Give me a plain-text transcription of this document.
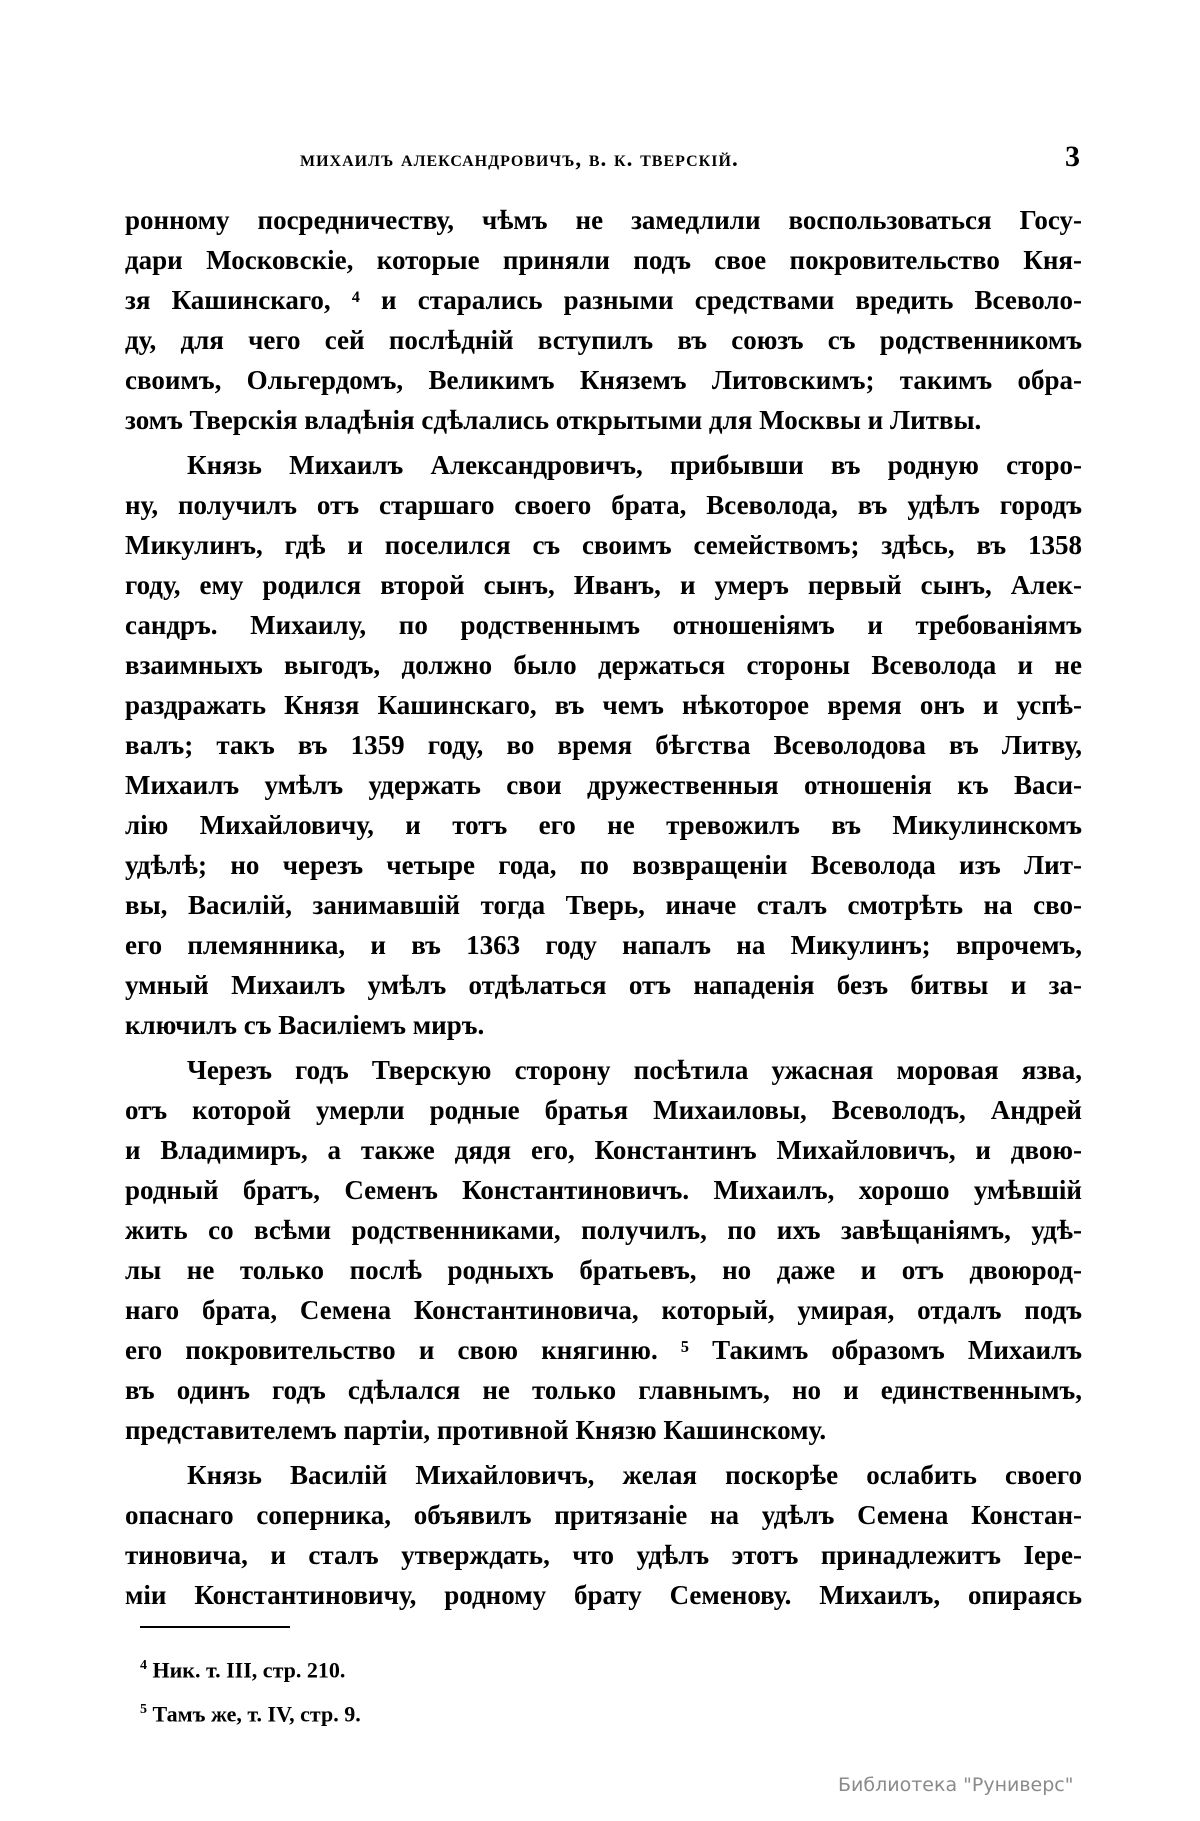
михаилъ александровичъ, в. к. тверскій.	3
ронному посредничеству, чѣмъ не замедлили воспользоваться Госу-
дари Московскіе, которые приняли подъ свое покровительство Кня-
зя Кашинскаго, ⁴ и старались разными средствами вредить Всеволо-
ду, для чего сей послѣдній вступилъ въ союзъ съ родственникомъ
своимъ, Ольгердомъ, Великимъ Княземъ Литовскимъ; такимъ обра-
зомъ Тверскія владѣнія сдѣлались открытыми для Москвы и Литвы.
Князь Михаилъ Александровичъ, прибывши въ родную сторо-
ну, получилъ отъ старшаго своего брата, Всеволода, въ удѣлъ городъ
Микулинъ, гдѣ и поселился съ своимъ семействомъ; здѣсь, въ 1358
году, ему родился второй сынъ, Иванъ, и умеръ первый сынъ, Алек-
сандръ. Михаилу, по родственнымъ отношеніямъ и требованіямъ
взаимныхъ выгодъ, должно было держаться стороны Всеволода и не
раздражать Князя Кашинскаго, въ чемъ нѣкоторое время онъ и успѣ-
валъ; такъ въ 1359 году, во время бѣгства Всеволодова въ Литву,
Михаилъ умѣлъ удержать свои дружественныя отношенія къ Васи-
лію Михайловичу, и тотъ его не тревожилъ въ Микулинскомъ
удѣлѣ; но черезъ четыре года, по возвращеніи Всеволода изъ Лит-
вы, Василій, занимавшій тогда Тверь, иначе сталъ смотрѣть на сво-
его племянника, и въ 1363 году напалъ на Микулинъ; впрочемъ,
умный Михаилъ умѣлъ отдѣлаться отъ нападенія безъ битвы и за-
ключилъ съ Василіемъ миръ.
Черезъ годъ Тверскую сторону посѣтила ужасная моровая язва,
отъ которой умерли родные братья Михаиловы, Всеволодъ, Андрей
и Владимиръ, а также дядя его, Константинъ Михайловичъ, и двою-
родный братъ, Семенъ Константиновичъ. Михаилъ, хорошо умѣвшій
жить со всѣми родственниками, получилъ, по ихъ завѣщаніямъ, удѣ-
лы не только послѣ родныхъ братьевъ, но даже и отъ двоюрод-
наго брата, Семена Константиновича, который, умирая, отдалъ подъ
его покровительство и свою княгиню. ⁵ Такимъ образомъ Михаилъ
въ одинъ годъ сдѣлался не только главнымъ, но и единственнымъ,
представителемъ партіи, противной Князю Кашинскому.
Князь Василій Михайловичъ, желая поскорѣе ослабить своего
опаснаго соперника, объявилъ притязаніе на удѣлъ Семена Констан-
тиновича, и сталъ утверждать, что удѣлъ этотъ принадлежитъ Іере-
міи Константиновичу, родному брату Семенову. Михаилъ, опираясь
$^4$ Ник. т. III, стр. 210.
$^5$ Тамъ же, т. IV, стр. 9.
Библиотека "Руниверс"
